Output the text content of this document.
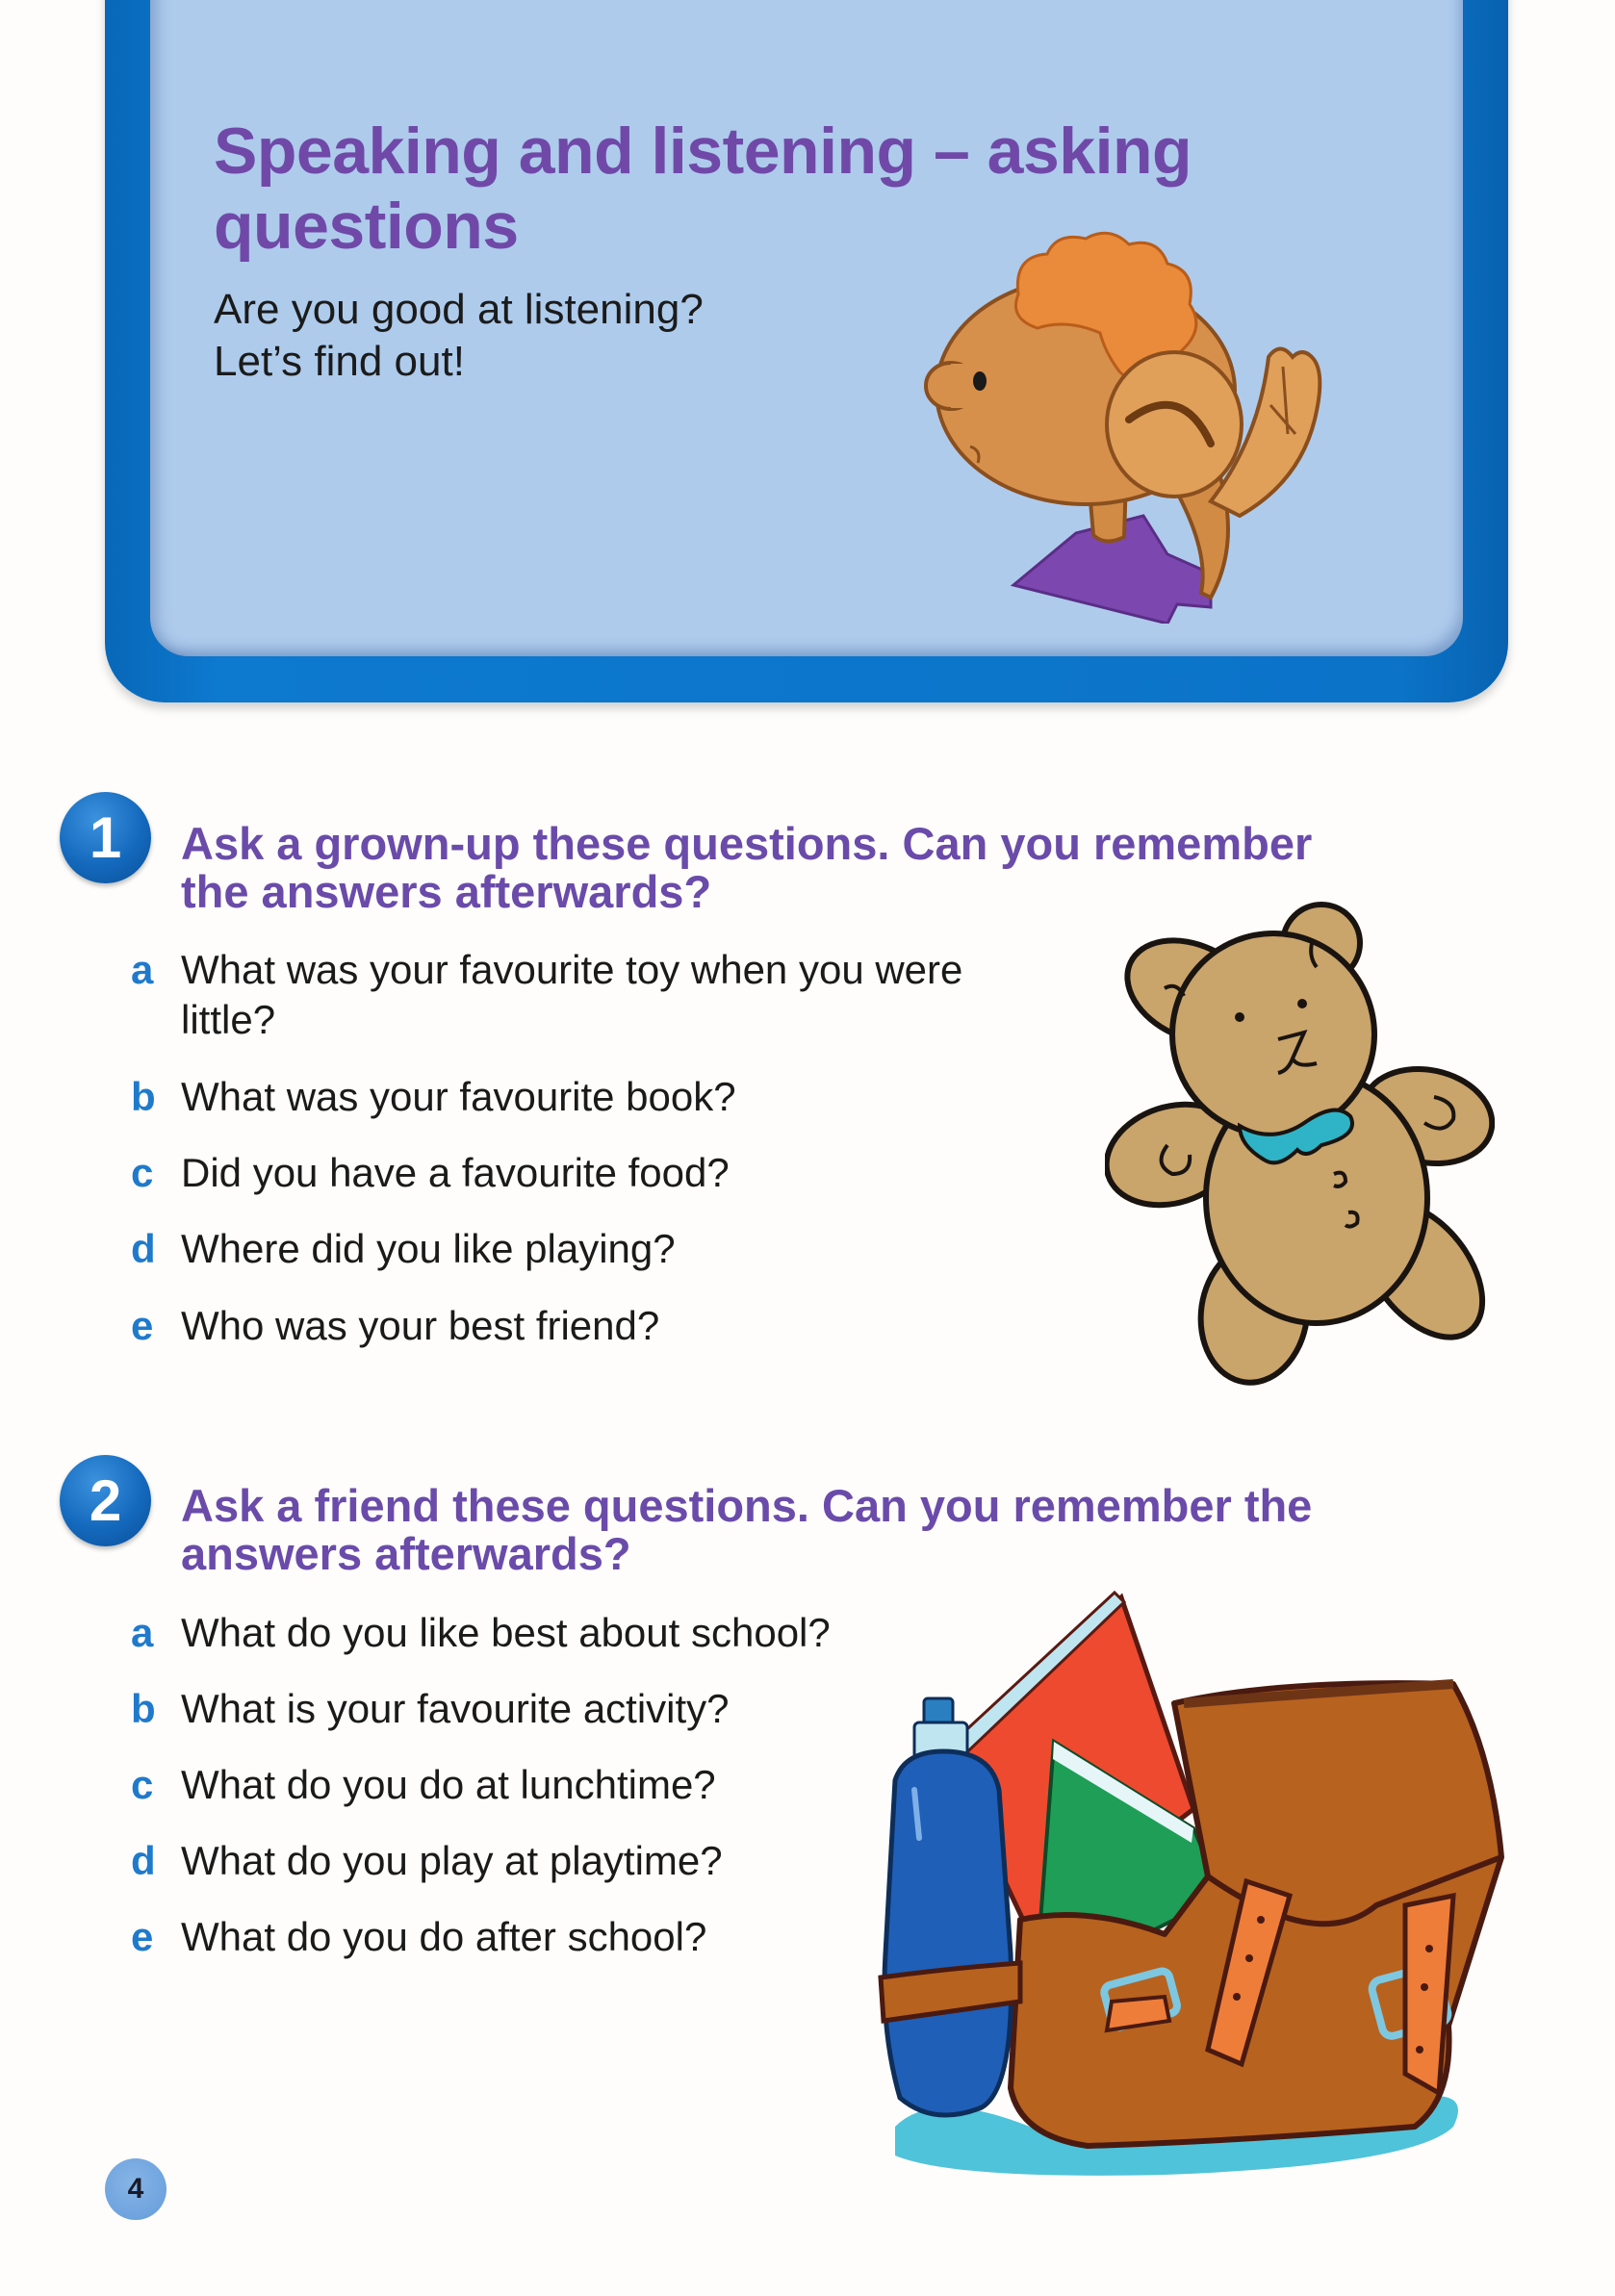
Speaking and listening – asking questions
Are you good at listening?
Let’s find out!
1	Ask a grown-up these questions. Can you remember the answers afterwards?
a What was your favourite toy when you were little?
b What was your favourite book?
c Did you have a favourite food?
d Where did you like playing?
e Who was your best friend?
2	Ask a friend these questions. Can you remember the answers afterwards?
a What do you like best about school?
b What is your favourite activity?
c What do you do at lunchtime?
d What do you play at playtime?
e What do you do after school?
4
